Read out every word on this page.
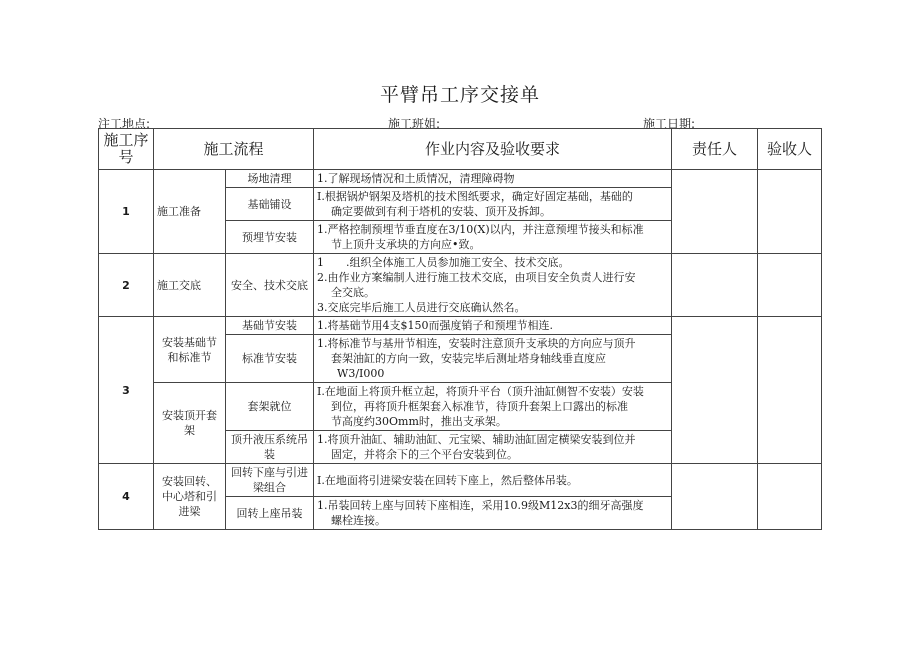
平臂吊工序交接单
注工地点:	施工班姐:	施工日期:
施工序号	施工流程		作业内容及验收要求	责任人	验收人
1	施工准备	场地清理	1.了解现场情况和土质情况，清理障碍物		

		基础铺设	I.根据锅炉钢架及塔机的技术图纸要求，确定好固定基础，基础的
确定要做到有利于塔机的安装、顶开及拆卸。		

		预埋节安装	1.严格控制预埋节垂直度在3/10(X)以内，并注意预埋节接头和标准
节上顶升支承块的方向应•致。		

2	施工交底	安全、技术交底	1　　.组织全体施工人员参加施工安全、技术交底。
2.由作业方案编制人进行施工技术交底，由项目安全负责人进行安
全交底。
3.交底完毕后施工人员进行交底确认然名。		

3	安装基础节和标准节	基础节安装	1.将基础节用4支$150而强度销子和预埋节相连.		

		标准节安装	1.将标准节与基卅节相连，安装时注意顶升支承块的方向应与顶升
套架油缸的方向一致，安装完毕后测址塔身轴线垂直度应
W3/I000		

	安装顶开套架	套架就位	I.在地面上将顶升框立起，将顶升平台（顶升油缸侧智不安装）安装
到位，再将顶升框架套入标准节，待顶升套架上口露出的标准
节高度约30Omm时，推出支承架。		

		顶升液压系统吊装	1.将顶升油缸、辅助油缸、元宝梁、辅助油缸固定横梁安装到位并
固定，并将余下的三个平台安装到位。		

4	安装回转、中心塔和引进梁	回转下座与引进梁组合	I.在地面将引进梁安装在回转下座上，然后整体吊装。		

		回转上座吊装	1.吊装回转上座与回转下座相连，采用10.9级M12x3的细牙高强度
螺栓连接。		
